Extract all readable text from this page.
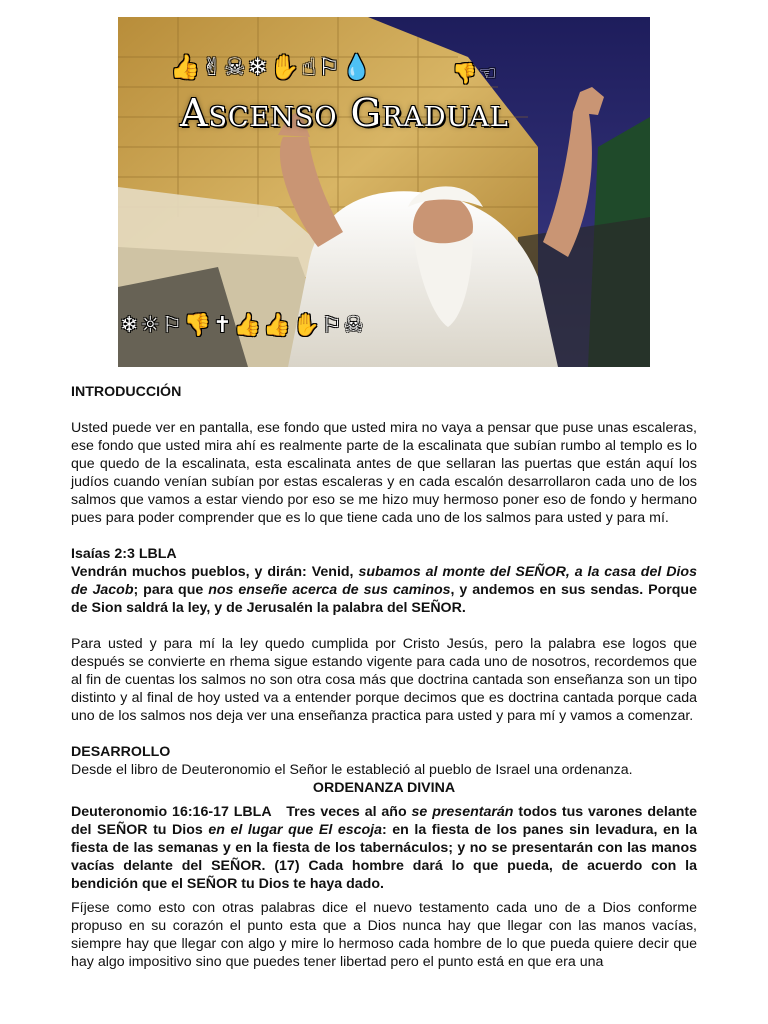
👍✌☠❄✋☝⚐💧	👎☜
Ascenso Gradual
❄☼⚐👎✝👍👍✋⚐☠

INTRODUCCIÓN

Usted puede ver en pantalla, ese fondo que usted mira no vaya a pensar que puse unas escaleras, ese fondo que usted mira ahí es realmente parte de la escalinata que subían rumbo al templo es lo que quedo de la escalinata, esta escalinata antes de que sellaran las puertas que están aquí los judíos cuando venían subían por estas escaleras y en cada escalón desarrollaron cada uno de los salmos que vamos a estar viendo por eso se me hizo muy hermoso poner eso de fondo y hermano pues para poder comprender que es lo que tiene cada uno de los salmos para usted y para mí.

Isaías 2:3 LBLA

Vendrán muchos pueblos, y dirán: Venid, subamos al monte del SEÑOR, a la casa del Dios de Jacob; para que nos enseñe acerca de sus caminos, y andemos en sus sendas. Porque de Sion saldrá la ley, y de Jerusalén la palabra del SEÑOR.

Para usted y para mí la ley quedo cumplida por Cristo Jesús, pero la palabra ese logos que después se convierte en rhema sigue estando vigente para cada uno de nosotros, recordemos que al fin de cuentas los salmos no son otra cosa más que doctrina cantada son enseñanza son un tipo distinto y al final de hoy usted va a entender porque decimos que es doctrina cantada porque cada uno de los salmos nos deja ver una enseñanza practica para usted y para mí y vamos a comenzar.

DESARROLLO

Desde el libro de Deuteronomio el Señor le estableció al pueblo de Israel una ordenanza.

ORDENANZA DIVINA

Deuteronomio 16:16-17 LBLA Tres veces al año se presentarán todos tus varones delante del SEÑOR tu Dios en el lugar que El escoja: en la fiesta de los panes sin levadura, en la fiesta de las semanas y en la fiesta de los tabernáculos; y no se presentarán con las manos vacías delante del SEÑOR. (17) Cada hombre dará lo que pueda, de acuerdo con la bendición que el SEÑOR tu Dios te haya dado.

Fíjese como esto con otras palabras dice el nuevo testamento cada uno de a Dios conforme propuso en su corazón el punto esta que a Dios nunca hay que llegar con las manos vacías, siempre hay que llegar con algo y mire lo hermoso cada hombre de lo que pueda quiere decir que hay algo impositivo sino que puedes tener libertad pero el punto está en que era una
